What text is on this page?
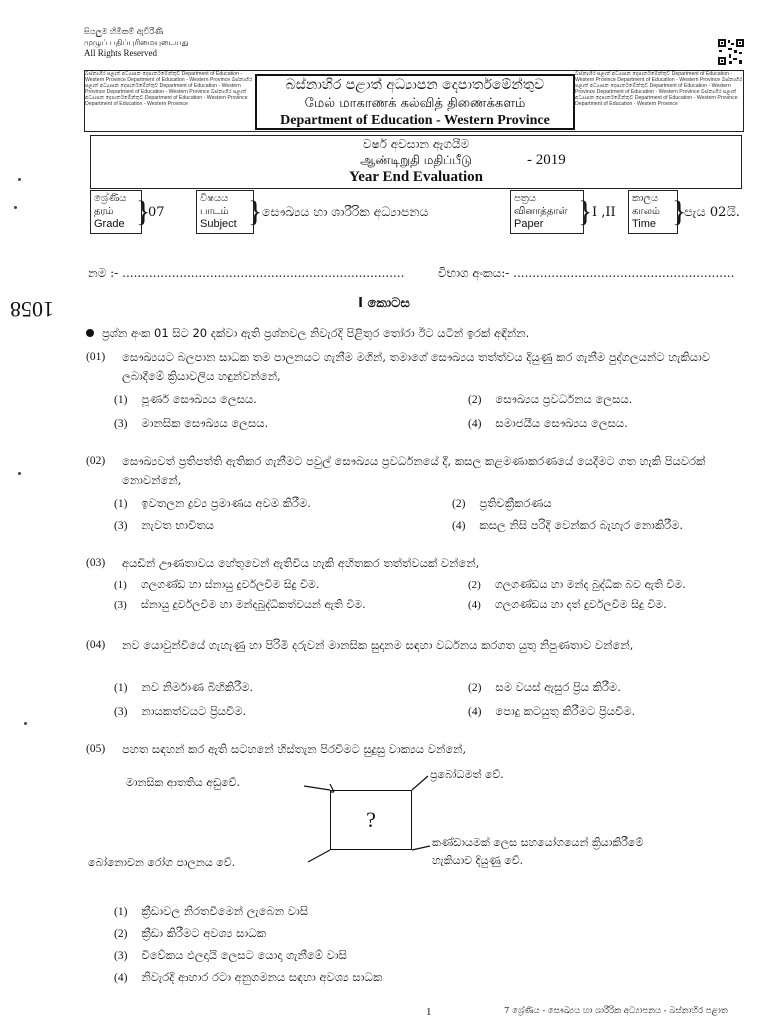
සියලුම හිමිකම් ඇවිරිණි
முழுப் பதிப்புரிமையுடையது
All Rights Reserved
1058
බස්නාහිර පළාත් අධ්‍යාපන දෙපාර්තමේන්තුව Department of Education - Western Province Department of Education - Western Province බස්නාහිර පළාත් අධ්‍යාපන දෙපාර්තමේන්තුව Department of Education - Western Province Department of Education - Western Province බස්නාහිර පළාත් අධ්‍යාපන දෙපාර්තමේන්තුව Department of Education - Western Province Department of Education - Western Province
බස්නාහිර පළාත් අධ්‍යාපන දෙපාර්තමේන්තුව Department of Education - Western Province Department of Education - Western Province බස්නාහිර පළාත් අධ්‍යාපන දෙපාර්තමේන්තුව Department of Education - Western Province Department of Education - Western Province බස්නාහිර පළාත් අධ්‍යාපන දෙපාර්තමේන්තුව Department of Education - Western Province Department of Education - Western Province
බස්නාහිර පළාත් අධ්‍යාපන දෙපාර්තමේන්තුව
மேல் மாகாணக் கல்வித் திணைக்களம்
Department of Education - Western Province
වර්ෂ අවසාන ඇගයීම
ஆண்டிறுதி மதிப்பீடு	- 2019
Year End Evaluation
ශ්‍රේණිය
தரம்
Grade }
07
විෂයය
பாடம்
Subject } සෞඛ්‍යය හා ශාරීරික අධ්‍යාපනය
පත්‍රය
வினாத்தாள்
Paper	} I ,II
කාලය
காலம்
Time }
පැය 02යි.
නම :- ..........................................................................	විභාග අංකය:- ..........................................................
I කොටස
ප්‍රශ්න අංක 01 සිට 20 දක්වා ඇති ප්‍රශ්නවල නිවැරදි පිළිතුර තෝරා ඊට යටින් ඉරක් අඳින්න.
(01) සෞඛ්‍යයට බලපාන සාධක තම පාලනයට ගැනීම මගින්, තමාගේ සෞඛ්‍යය තත්ත්වය දියුණු කර ගැනීම පුද්ගලයන්ට හැකියාව ලබාදීමේ ක්‍රියාවලිය හඳුන්වන්නේ,
(1) පූර්ණ සෞඛ්‍යය ලෙසය.	(2) සෞඛ්‍යය ප්‍රවර්ධනය ලෙසය.
(3) මානසික සෞඛ්‍යය ලෙසය.	(4) සමාජයීය සෞඛ්‍යය ලෙසය.
(02) සෞඛ්‍යවත් ප්‍රතිපත්ති ඇතිකර ගැනීමට පවුල් සෞඛ්‍යය ප්‍රවර්ධනයේ දී, කසල කළමණාකරණයේ යෙදීමට ගත හැකි පියවරක් නොවන්නේ,
(1) ඉවතලන ද්‍රව්‍ය ප්‍රමාණය අවම කිරීම.	(2) ප්‍රතිචක්‍රීකරණය
(3) නැවත භාවිතය	(4) කසල නිසි පරිදි වෙන්කර බැහැර නොකිරීම.
(03) අයඩින් ඌණතාවය හේතුවෙන් ඇතිවිය හැකි අහිතකර තත්ත්වයක් වන්නේ,
(1) ගලගණ්ඩ හා ස්නායු දුර්වලවීම සිදු වීම.	(2) ගලගණ්ඩය හා මන්ද බුද්ධික බව ඇති වීම.
(3) ස්නායු දුර්වලවීම හා මන්දබුද්ධිකත්වයන් ඇති වීම.	(4) ගලගණ්ඩය හා දත් දුර්වලවීම සිදු වීම.
(04) නව යොවුන්වියේ ගැහැණු හා පිරිමි දරුවන් මානසික සුදානම සඳහා වර්ධනය කරගත යුතු නිපුණතාව වන්නේ,
(1) නව නිර්මාණ බිහිකිරීම.	(2) සම වයස් ඇසුර ප්‍රිය කිරීම.
(3) නායකත්වයට ප්‍රියවීම.	(4) පොදු කටයුතු කිරීමට ප්‍රියවීම.
(05) පහත සඳහන් කර ඇති සටහනේ හිස්තැන පිරවීමට සුදුසු වාක්‍යය වන්නේ,
?
මානසික ආතතිය අඩුවේ.
ප්‍රබෝධමත් වේ.
බෝනොවන රෝග පාලනය වේ.
කණ්ඩායමක් ලෙස සහයෝගයෙන් ක්‍රියාකිරීමේ
හැකියාව දියුණු වේ.
(1) ක්‍රීඩාවල නිරතවීමෙන් ලැබෙන වාසි
(2) ක්‍රීඩා කිරීමට අවශ්‍ය සාධක
(3) විවේකය ඵලදායි ලෙසට යොදා ගැනීමේ වාසි
(4) නිවැරදි ආහාර රටා අනුගමනය සඳහා අවශ්‍ය සාධක
1	7 ශ්‍රේණිය - සෞඛ්‍යය හා ශාරීරික අධ්‍යාපනය - බස්නාහිර පළාත
